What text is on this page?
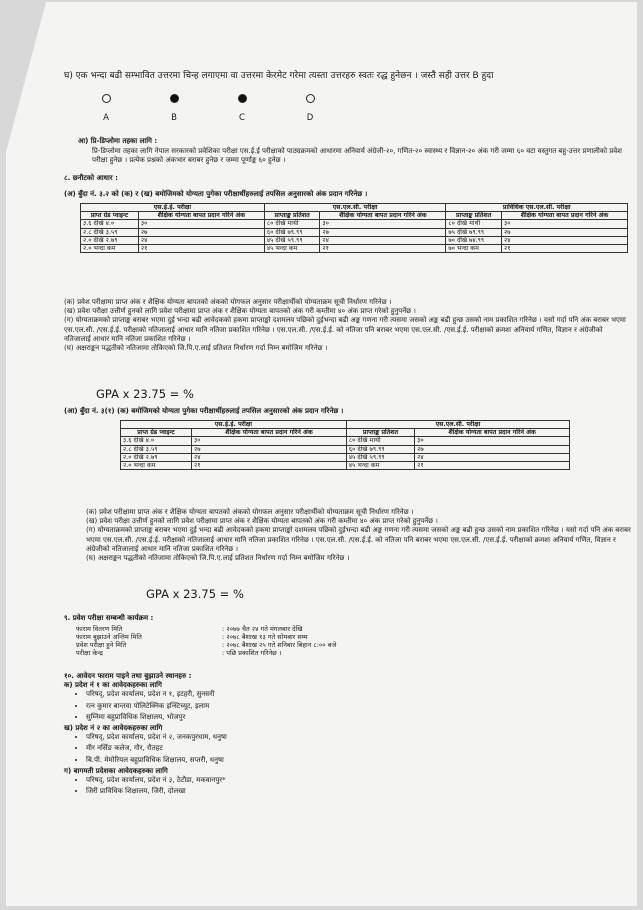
घ) एक भन्दा बढी सम्भावित उत्तरमा चिन्ह लगाएमा वा उत्तरमा केरमेट गरेमा त्यस्ता उत्तरहरु स्वतः रद्ध हुनेछन । जस्तै सही उत्तर B हुदा
A	B	C	D
आ) प्रि-डिप्लोमा तहका लागि :
प्रि-डिप्लोमा तहका लागि नेपाल सरकारको प्रवेशिका परीक्षा एस.ई.ई परीक्षाको पाठ्यक्रमको आधारमा अनिवार्य अंग्रेजी-२०, गणित-२० स्वास्थ्य र विज्ञान-२० अंक गरी जम्मा ६० वटा वस्तुगत बहु-उत्तर प्रणालीको प्रवेश परीक्षा हुनेछ । प्रत्येक प्रश्नको अंकभार बराबर हुनेछ र जम्मा पूर्णाङ्क ६० हुनेछ ।
८. छनौटको आधार :
(अ) बुँदा नं. ३.२ को (क) र (ख) बमोजिमको योग्यता पुगेका परीक्षार्थीहरुलाई तपसिल अनुसारको अंक प्रदान गरिनेछ ।
एस.ई.ई. परीक्षा		एस.एल.सी. परीक्षा		प्राविधिक एस.एल.सी. परीक्षा	
प्राप्त ग्रेड प्वाइन्ट	शैक्षिक योग्यता बापत प्रदान गरिने अंक	प्राप्ताङ्क प्रतिशत	शैक्षिक योग्यता बापत प्रदान गरिने अंक	प्राप्ताङ्क प्रतिशत	शैक्षिक योग्यता बापत प्रदान गरिने अंक
३.६ देखि ४.०	३०	८० देखि माथी	३०	८० देखि माथी	३०
२.८ देखि ३.५९	२७	६० देखि ७९.९९	२७	७५ देखि ७९.९९	२७
२.० देखि २.७९	२४	४५ देखि ५९.९९	२४	७० देखि ७४.९९	२४
२.० भन्दा कम	२१	४५ भन्दा कम	२१	७० भन्दा कम	२१
(क) प्रवेश परीक्षामा प्राप्त अंक र शैक्षिक योग्यता बापतको अंकको योगफल अनुसार परीक्षार्थीको योग्यताक्रम सूची निर्धारण गरिनेछ ।
(ख) प्रवेश परीक्षा उत्तीर्ण हुनको लागि प्रवेश परीक्षामा प्राप्त अंक र शैक्षिक योग्यता बापतको अंक गरी कम्तीमा ४० अंक प्राप्त गरेको हुनुपर्नेछ ।
(ग) योग्यताक्रमको प्राप्ताङ्क बराबर भएमा दुई भन्दा बढी आवेदकको हकमा प्राप्ताङ्को दशमलव पछिको दुईभन्दा बढी अङ्क गणना गरी त्यसमा जसको अङ्क बढी हुन्छ उसको नाम प्रकाशित गरिनेछ । यसो गर्दा पनि अंक बराबर भएमा एस.एल.सी. /एस.ई.ई. परीक्षाको नतिजालाई आधार मानि नतिजा प्रकाशित गरिनेछ । एस.एल.सी. /एस.ई.ई. को नतिजा पनि बराबर भएमा एस.एल.सी. /एस.ई.ई. परीक्षाको क्रमशः अनिवार्य गणित, विज्ञान र अंग्रेजीको नतिजालाई आधार मानि नतिजा प्रकाशित गरिनेछ ।
(घ) अक्षराङ्कन पद्धतीको नतिजामा तोकिएको जि.पि.ए.लाई प्रतिशत निर्धारण गर्दा निम्न बमोजिम गरिनेछ ।
GPA x 23.75 = %
(आ) बुँदा नं. ३(१) (क) बमोजिमको योग्यता पुगेका परीक्षार्थीहरुलाई तपसिल अनुसारको अंक प्रदान गरिनेछ ।
एस.ई.ई. परीक्षा		एस.एल.सी. परीक्षा	
प्राप्त ग्रेड प्वाइन्ट	शैक्षिक योग्यता बापत प्रदान गरिने अंक	प्राप्ताङ्क प्रतिशत	शैक्षिक योग्यता बापत प्रदान गरिने अंक
३.६ देखि ४.०	३०	८० देखि माथी	३०
२.८ देखि ३.५९	२७	६० देखि ७९.९९	२७
२.० देखि २.७९	२४	४५ देखि ५९.९९	२४
२.० भन्दा कम	२१	४५ भन्दा कम	२१
(क) प्रवेश परीक्षामा प्राप्त अंक र शैक्षिक योग्यता बापतको अंकको योगफल अनुसार परीक्षार्थीको योग्यताक्रम सूची निर्धारण गरिनेछ ।
(ख) प्रवेश परीक्षा उत्तीर्ण हुनको लागि प्रवेश परीक्षामा प्राप्त अंक र शैक्षिक योग्यता बापतको अंक गरी कम्तीमा ४० अंक प्राप्त गरेको हुनुपर्नेछ ।
(ग) योग्यताक्रमको प्राप्ताङ्क बराबर भएमा दुई भन्दा बढी आवेदकको हकमा प्राप्ताङ्को दशमलव पछिको दुईभन्दा बढी अङ्क गणना गरी त्यसमा जसको अङ्क बढी हुन्छ उसको नाम प्रकाशित गरिनेछ । यसो गर्दा पनि अंक बराबर भएमा एस.एल.सी. /एस.ई.ई. परीक्षाको नतिजालाई आधार मानि नतिजा प्रकाशित गरिनेछ । एस.एल.सी. /एस.ई.ई. को नतिजा पनि बराबर भएमा एस.एल.सी. /एस.ई.ई. परीक्षाको क्रमशः अनिवार्य गणित, विज्ञान र अंग्रेजीको नतिजालाई आधार मानि नतिजा प्रकाशित गरिनेछ ।
(घ) अक्षराङ्कन पद्धतीको नतिजामा तोकिएको जि.पि.ए.लाई प्रतिशत निर्धारण गर्दा निम्न बमोजिम गरिनेछ ।
GPA x 23.75 = %
९. प्रवेश परीक्षा सम्बन्धी कार्यक्रम :
फाराम वितरण मिति	: २०७७ चैत २४ गते मंगलबार देखि
फाराम बुझाउने अन्तिम मिति	: २०७८ बैशाख १३ गते सोमबार सम्म
प्रवेश परीक्षा हुने मिति	: २०७८ बैशाख २५ गते शनिबार बिहान ८:०० बजे
परीक्षा केन्द्र	: पछि प्रकाशित गरिनेछ ।
१०. आवेदन फाराम पाइने तथा बुझाउने स्थानहरु :
क) प्रदेश नं १ का आवेदकहरुका लागि
• परिषद्, प्रदेश कार्यालय, प्रदेश न १, इटहरी, सुनसरी
• रत्न कुमार बान्तवा पोलिटेक्निक इन्स्टिच्यूट, इलाम
• सुम्निमा बहुप्राविधिक शिक्षालय, भोजपुर
ख) प्रदेश नं २ का आवेदकहरुका लागि
• परिषद्, प्रदेश कार्यालय, प्रदेश नं २, जनकपुरधाम, धनुषा
• मीर नर्सिङ कलेज, गौर, रौतहट
• बि.पी. मेमोरियल बहुप्राविधिक शिक्षालय, सप्तरी, धनुषा
ग) बागमती प्रदेशका आवेदकहरुका लागि
• परिषद्, प्रदेश कार्यालय, प्रदेश नं ३, ठेटौडा, मकवानपुर*
• जिरी प्राविधिक शिक्षालय, जिरी, दोलखा
